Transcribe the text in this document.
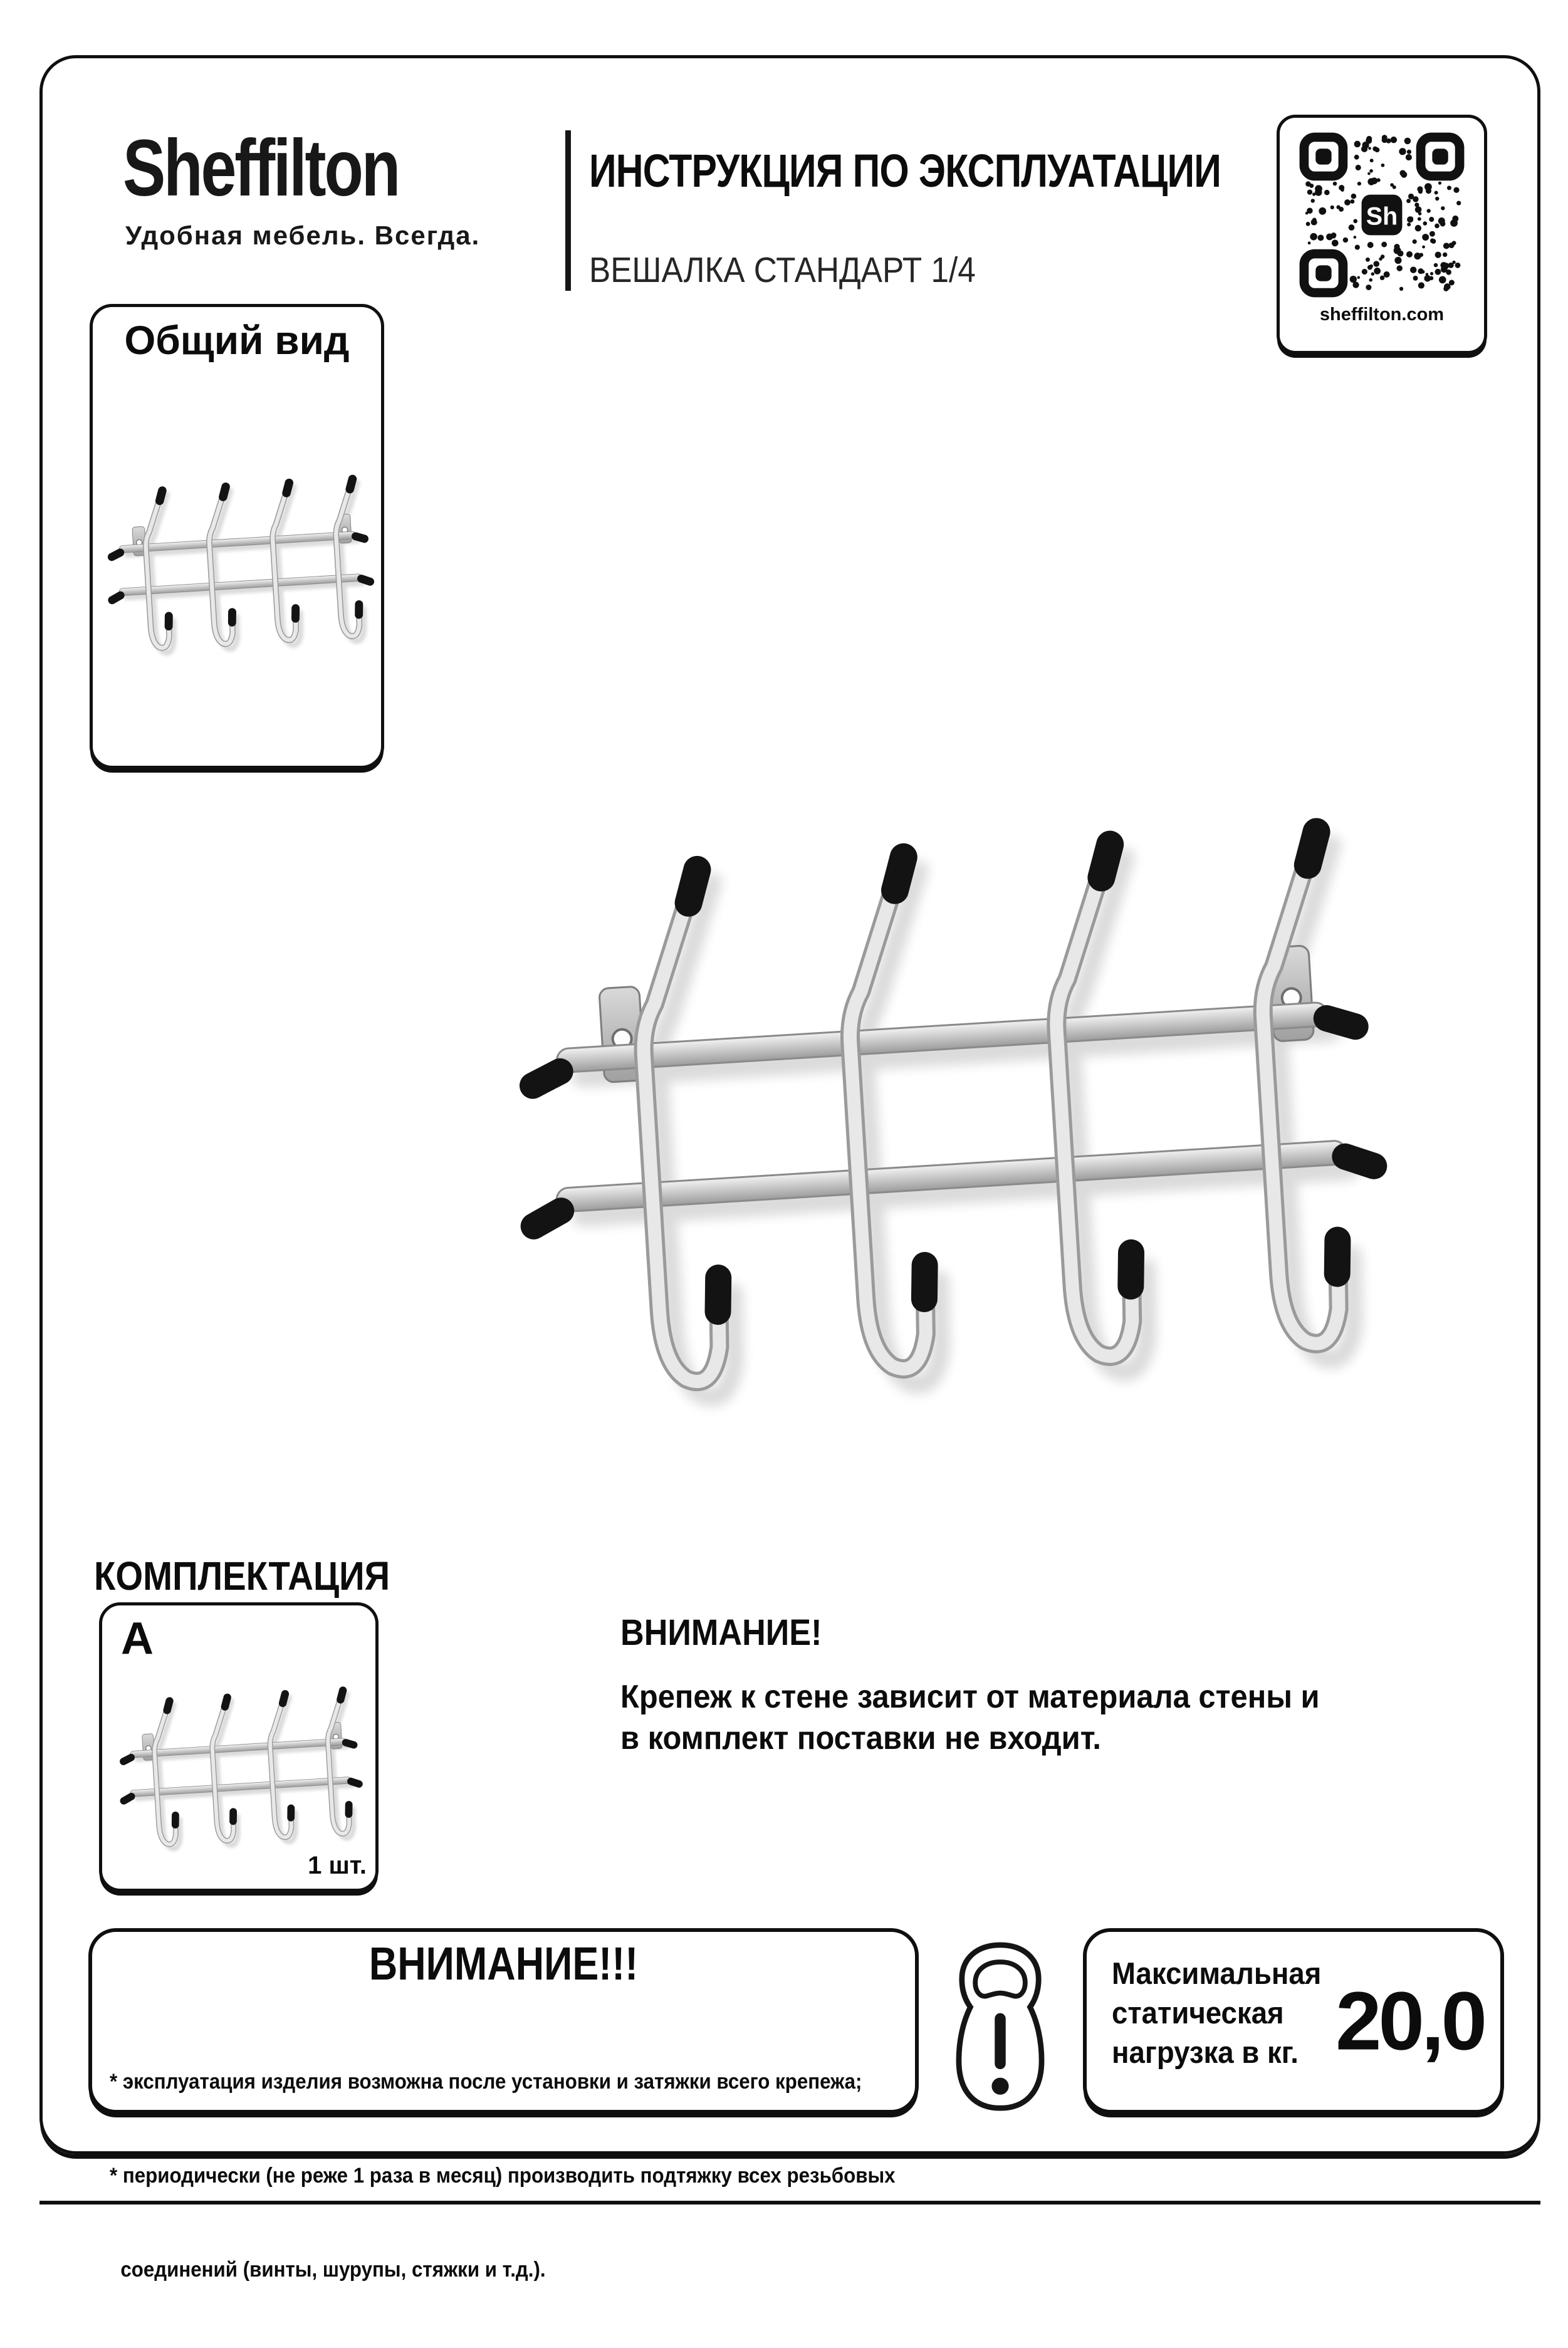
Sheffilton
Удобная мебель. Всегда.
ИНСТРУКЦИЯ ПО ЭКСПЛУАТАЦИИ
ВЕШАЛКА СТАНДАРТ 1/4
Sh
sheffilton.com
Общий вид
КОМПЛЕКТАЦИЯ
A
1 шт.
ВНИМАНИЕ!
Крепеж к стене зависит от материала стены и
в комплект поставки не входит.
ВНИМАНИЕ!!!

* эксплуатация изделия возможна после установки и затяжки всего крепежа;

* периодически (не реже 1 раза в месяц) производить подтяжку всех резьбовых

соединений (винты, шурупы, стяжки и т.д.).

Максимальная
статическая
нагрузка в кг. 20,0
